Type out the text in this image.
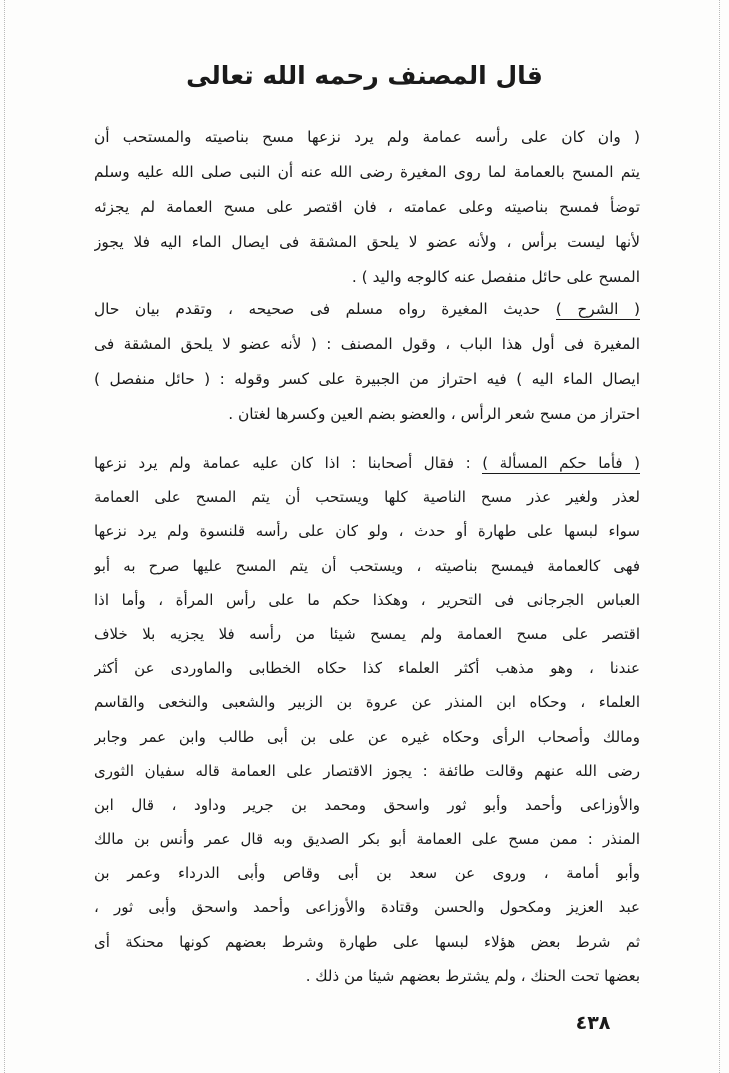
قال المصنف رحمه الله تعالى
( وان كان على رأسه عمامة ولم يرد نزعها مسح بناصيته والمستحب أن
يتم المسح بالعمامة لما روى المغيرة رضى الله عنه أن النبى صلى الله عليه وسلم
توضأ فمسح بناصيته وعلى عمامته ، فان اقتصر على مسح العمامة لم يجزئه
لأنها ليست برأس ، ولأنه عضو لا يلحق المشقة فى ايصال الماء اليه فلا يجوز
المسح على حائل منفصل عنه كالوجه واليد ) .
( الشرح ) حديث المغيرة رواه مسلم فى صحيحه ، وتقدم بيان حال
المغيرة فى أول هذا الباب ، وقول المصنف : ( لأنه عضو لا يلحق المشقة فى
ايصال الماء اليه ) فيه احتراز من الجبيرة على كسر وقوله : ( حائل منفصل )
احتراز من مسح شعر الرأس ، والعضو بضم العين وكسرها لغتان .
( فأما حكم المسألة ) : فقال أصحابنا : اذا كان عليه عمامة ولم يرد نزعها
لعذر ولغير عذر مسح الناصية كلها ويستحب أن يتم المسح على العمامة
سواء لبسها على طهارة أو حدث ، ولو كان على رأسه قلنسوة ولم يرد نزعها
فهى كالعمامة فيمسح بناصيته ، ويستحب أن يتم المسح عليها صرح به أبو
العباس الجرجانى فى التحرير ، وهكذا حكم ما على رأس المرأة ، وأما اذا
اقتصر على مسح العمامة ولم يمسح شيئا من رأسه فلا يجزيه بلا خلاف
عندنا ، وهو مذهب أكثر العلماء كذا حكاه الخطابى والماوردى عن أكثر
العلماء ، وحكاه ابن المنذر عن عروة بن الزبير والشعبى والنخعى والقاسم
ومالك وأصحاب الرأى وحكاه غيره عن على بن أبى طالب وابن عمر وجابر
رضى الله عنهم وقالت طائفة : يجوز الاقتصار على العمامة قاله سفيان الثورى
والأوزاعى وأحمد وأبو ثور واسحق ومحمد بن جرير وداود ، قال ابن
المنذر : ممن مسح على العمامة أبو بكر الصديق وبه قال عمر وأنس بن مالك
وأبو أمامة ، وروى عن سعد بن أبى وقاص وأبى الدرداء وعمر بن
عبد العزيز ومكحول والحسن وقتادة والأوزاعى وأحمد واسحق وأبى ثور ،
ثم شرط بعض هؤلاء لبسها على طهارة وشرط بعضهم كونها محنكة أى
بعضها تحت الحنك ، ولم يشترط بعضهم شيئا من ذلك .
٤٣٨
